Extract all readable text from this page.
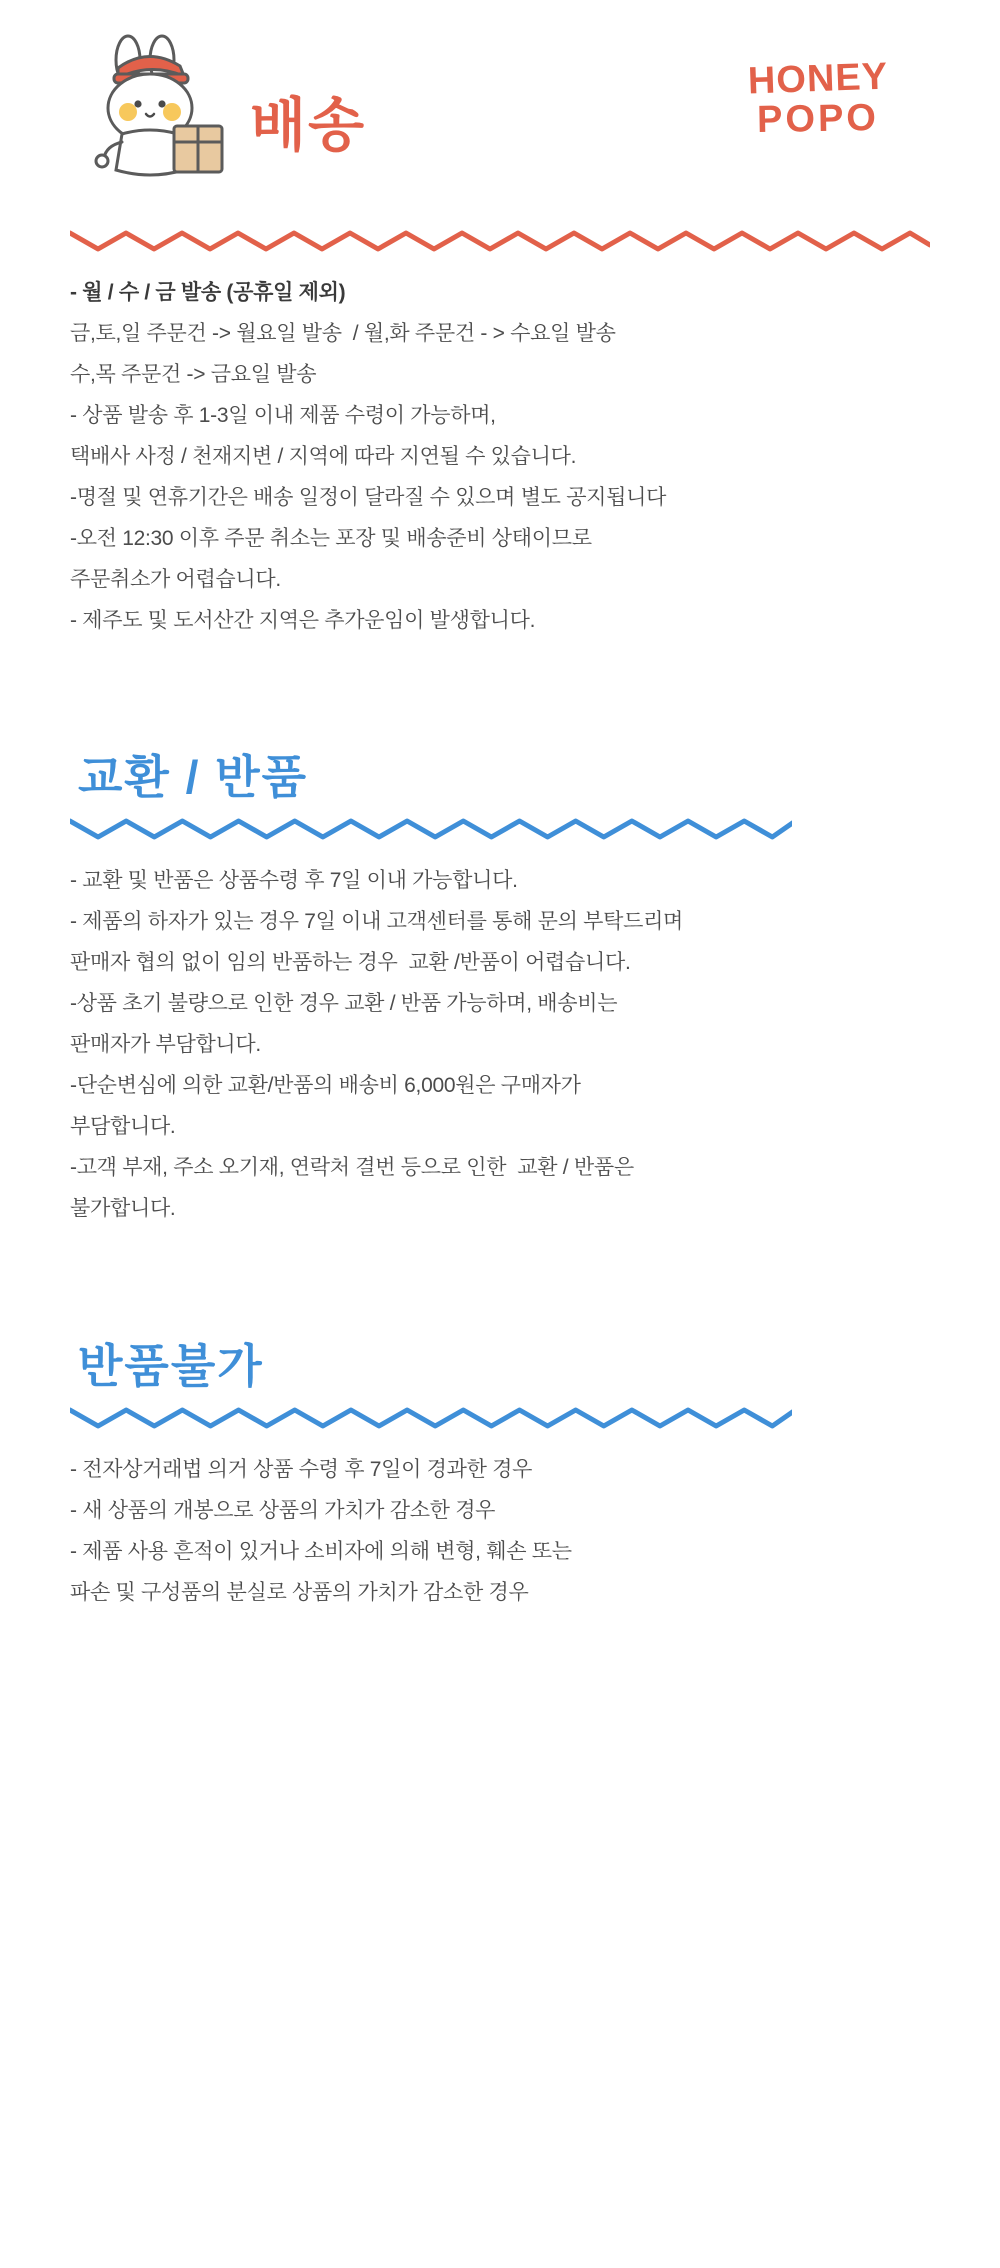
배송
HONEY
POPO
- 월 / 수 / 금 발송 (공휴일 제외)
금,토,일 주문건 -> 월요일 발송  / 월,화 주문건 - > 수요일 발송
수,목 주문건 -> 금요일 발송
- 상품 발송 후 1-3일 이내 제품 수령이 가능하며,
택배사 사정 / 천재지변 / 지역에 따라 지연될 수 있습니다.
-명절 및 연휴기간은 배송 일정이 달라질 수 있으며 별도 공지됩니다
-오전 12:30 이후 주문 취소는 포장 및 배송준비 상태이므로
주문취소가 어렵습니다.
- 제주도 및 도서산간 지역은 추가운임이 발생합니다.
교환 / 반품
- 교환 및 반품은 상품수령 후 7일 이내 가능합니다.
- 제품의 하자가 있는 경우 7일 이내 고객센터를 통해 문의 부탁드리며
판매자 협의 없이 임의 반품하는 경우  교환 /반품이 어렵습니다.
-상품 초기 불량으로 인한 경우 교환 / 반품 가능하며, 배송비는
판매자가 부담합니다.
-단순변심에 의한 교환/반품의 배송비 6,000원은 구매자가
부담합니다.
-고객 부재, 주소 오기재, 연락처 결번 등으로 인한  교환 / 반품은
불가합니다.
반품불가
- 전자상거래법 의거 상품 수령 후 7일이 경과한 경우
- 새 상품의 개봉으로 상품의 가치가 감소한 경우
- 제품 사용 흔적이 있거나 소비자에 의해 변형, 훼손 또는
파손 및 구성품의 분실로 상품의 가치가 감소한 경우
